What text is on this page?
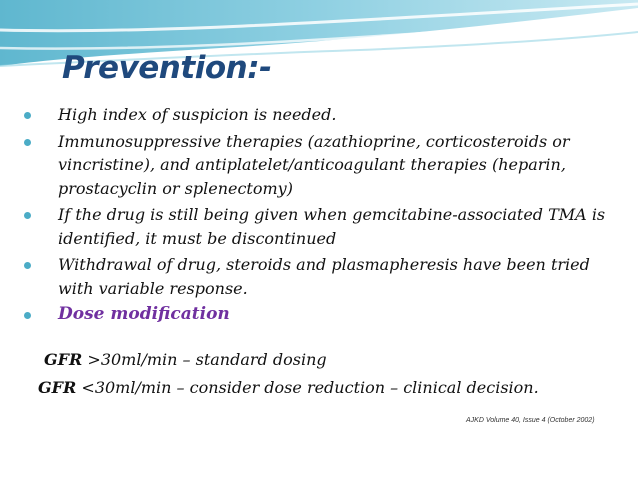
Prevention:-
High index of suspicion is needed.
Immunosuppressive therapies (azathioprine, corticosteroids or vincristine), and antiplatelet/anticoagulant therapies (heparin, prostacyclin or splenectomy)
If the drug is still being given when gemcitabine-associated TMA is identified, it must be discontinued
Withdrawal of drug, steroids and plasmapheresis have been tried with variable response.
Dose modification
GFR >30ml/min – standard dosing
GFR <30ml/min – consider dose reduction – clinical decision.
AJKD Volume 40, Issue 4 (October 2002)
